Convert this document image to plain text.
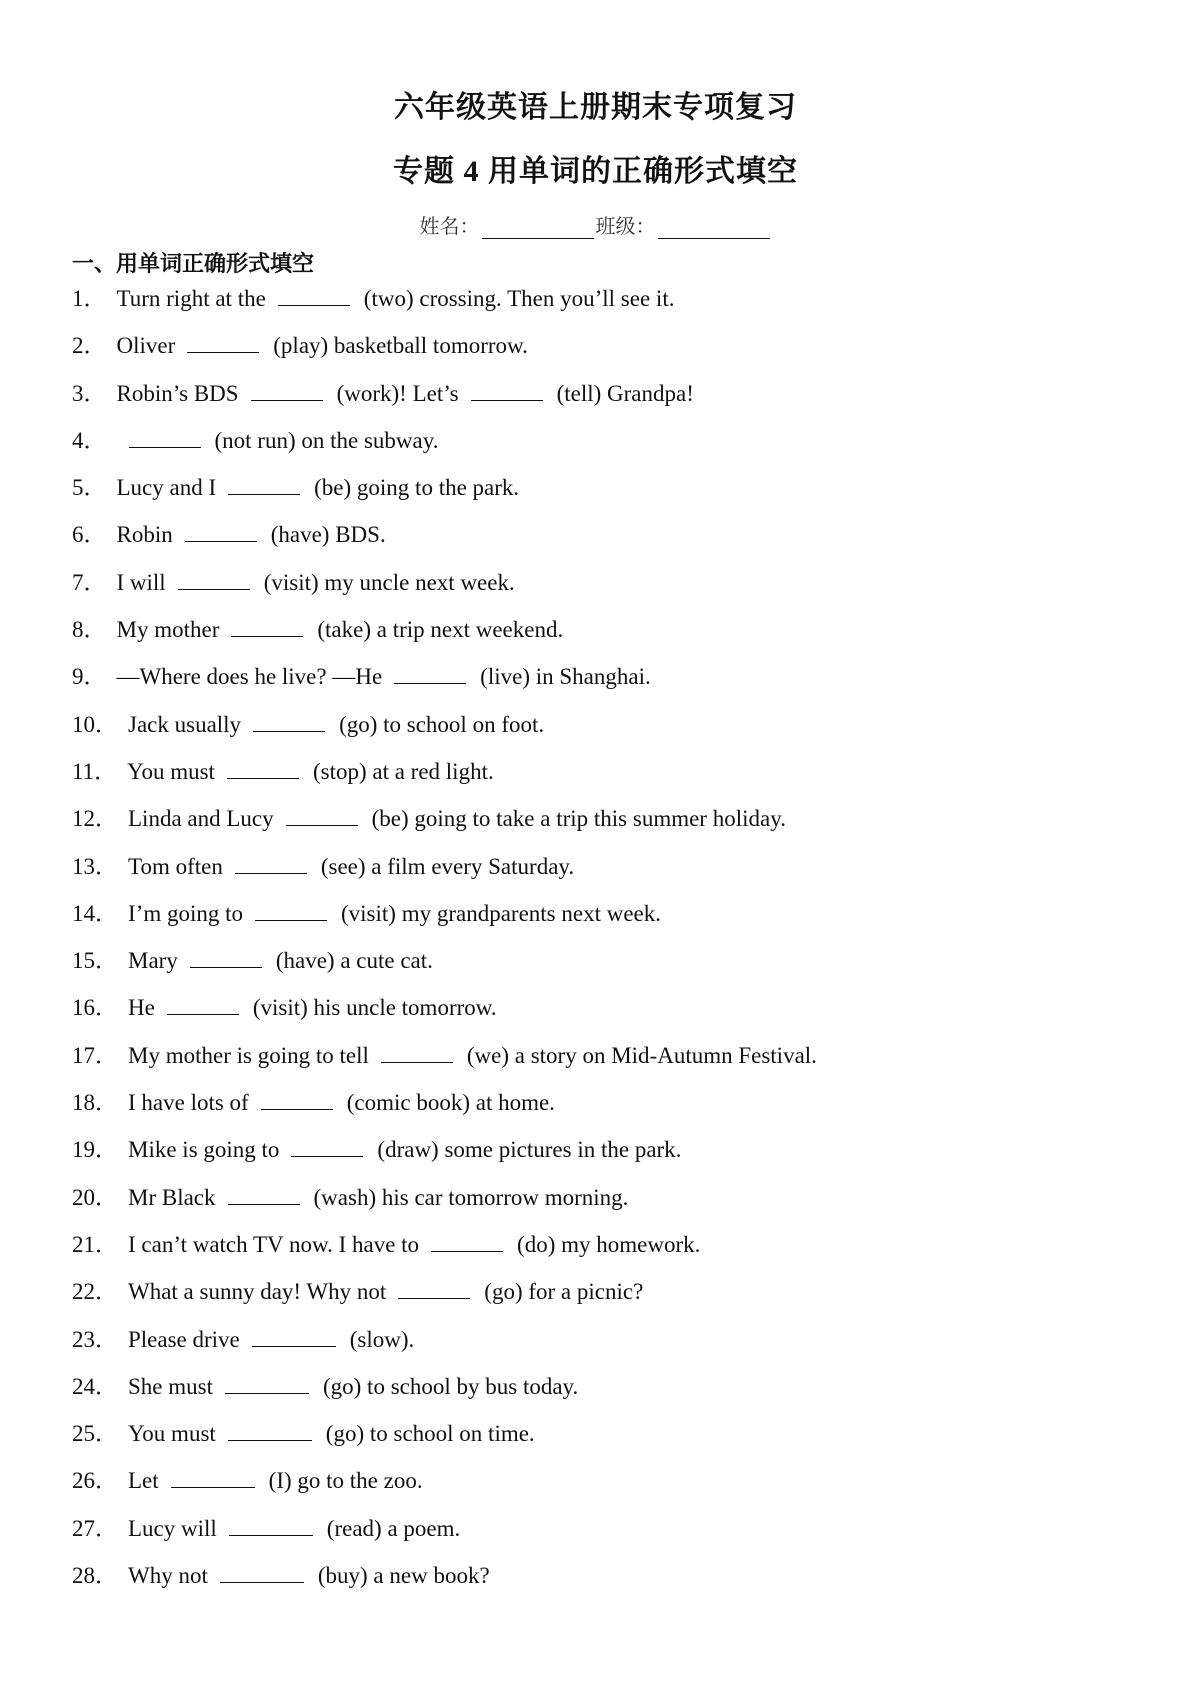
六年级英语上册期末专项复习
专题 4 用单词的正确形式填空
姓名：	班级：
一、用单词正确形式填空
1． Turn right at the	(two) crossing. Then you’ll see it.
2． Oliver	(play) basketball tomorrow.
3． Robin’s BDS	(work)! Let’s	(tell) Grandpa!
4．	(not run) on the subway.
5． Lucy and I	(be) going to the park.
6． Robin	(have) BDS.
7． I will	(visit) my uncle next week.
8． My mother	(take) a trip next weekend.
9． —Where does he live? —He	(live) in Shanghai.
10． Jack usually	(go) to school on foot.
11． You must	(stop) at a red light.
12． Linda and Lucy	(be) going to take a trip this summer holiday.
13． Tom often	(see) a film every Saturday.
14． I’m going to	(visit) my grandparents next week.
15． Mary	(have) a cute cat.
16． He	(visit) his uncle tomorrow.
17． My mother is going to tell	(we) a story on Mid-Autumn Festival.
18． I have lots of	(comic book) at home.
19． Mike is going to	(draw) some pictures in the park.
20． Mr Black	(wash) his car tomorrow morning.
21． I can’t watch TV now. I have to	(do) my homework.
22． What a sunny day! Why not	(go) for a picnic?
23． Please drive	(slow).
24． She must	(go) to school by bus today.
25． You must	(go) to school on time.
26． Let	(I) go to the zoo.
27． Lucy will	(read) a poem.
28． Why not	(buy) a new book?
